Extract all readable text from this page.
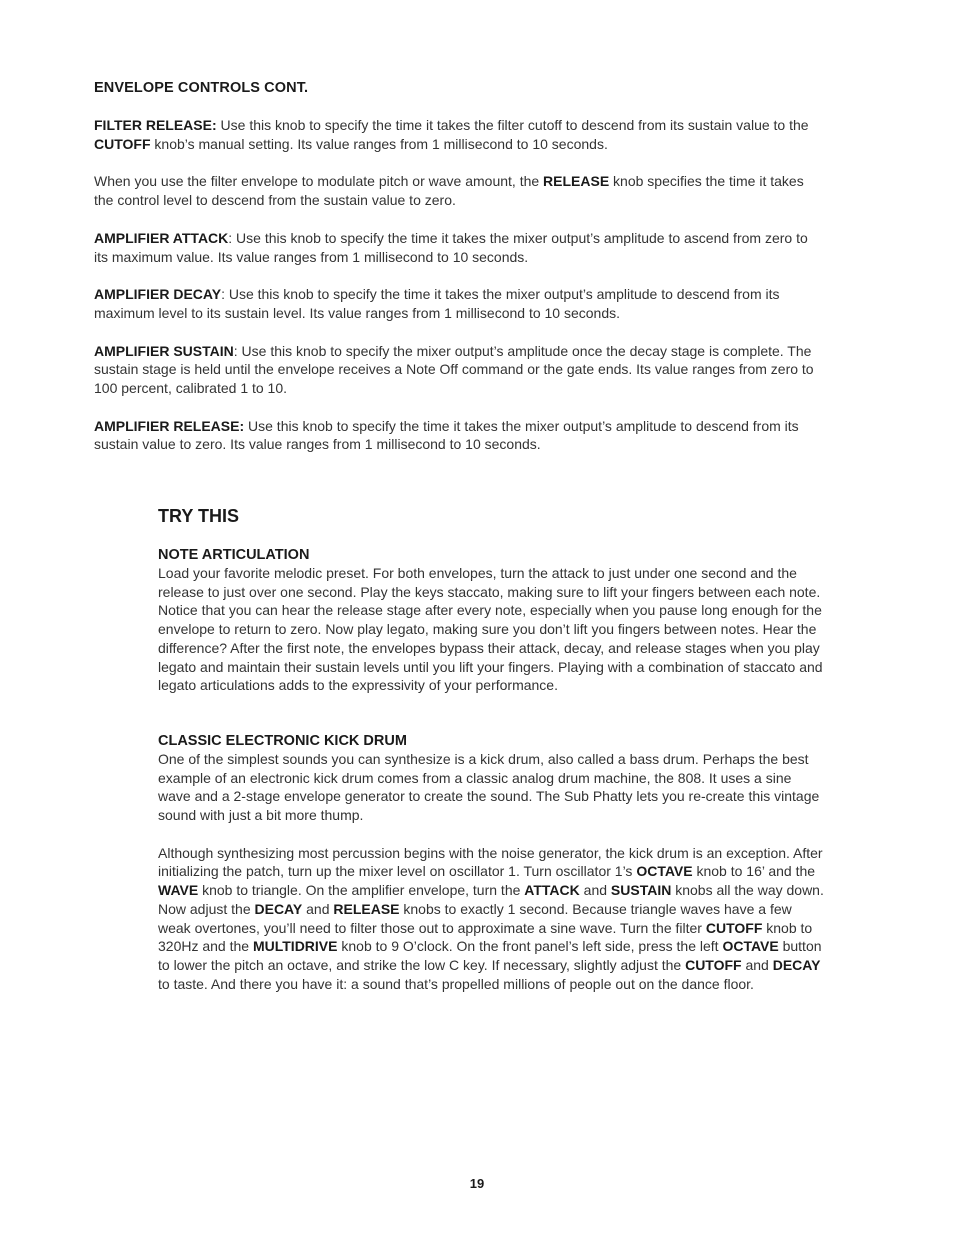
ENVELOPE CONTROLS CONT.

FILTER RELEASE: Use this knob to specify the time it takes the filter cutoff to descend from its sustain value to the CUTOFF knob’s manual setting. Its value ranges from 1 millisecond to 10 seconds.

When you use the filter envelope to modulate pitch or wave amount, the RELEASE knob specifies the time it takes the control level to descend from the sustain value to zero.

AMPLIFIER ATTACK: Use this knob to specify the time it takes the mixer output’s amplitude to ascend from zero to its maximum value. Its value ranges from 1 millisecond to 10 seconds.

AMPLIFIER DECAY: Use this knob to specify the time it takes the mixer output’s amplitude to descend from its maximum level to its sustain level. Its value ranges from 1 millisecond to 10 seconds.

AMPLIFIER SUSTAIN: Use this knob to specify the mixer output’s amplitude once the decay stage is complete. The sustain stage is held until the envelope receives a Note Off command or the gate ends. Its value ranges from zero to 100 percent, calibrated 1 to 10.

AMPLIFIER RELEASE: Use this knob to specify the time it takes the mixer output’s amplitude to descend from its sustain value to zero. Its value ranges from 1 millisecond to 10 seconds.

TRY THIS
NOTE ARTICULATION

Load your favorite melodic preset. For both envelopes, turn the attack to just under one second and the release to just over one second. Play the keys staccato, making sure to lift your fingers between each note. Notice that you can hear the release stage after every note, especially when you pause long enough for the envelope to return to zero. Now play legato, making sure you don’t lift you fingers between notes. Hear the difference? After the first note, the envelopes bypass their attack, decay, and release stages when you play legato and maintain their sustain levels until you lift your fingers. Playing with a combination of staccato and legato articulations adds to the expressivity of your performance.

CLASSIC ELECTRONIC KICK DRUM

One of the simplest sounds you can synthesize is a kick drum, also called a bass drum. Perhaps the best example of an electronic kick drum comes from a classic analog drum machine, the 808. It uses a sine wave and a 2-stage envelope generator to create the sound. The Sub Phatty lets you re-create this vintage sound with just a bit more thump.

Although synthesizing most percussion begins with the noise generator, the kick drum is an exception. After initializing the patch, turn up the mixer level on oscillator 1. Turn oscillator 1’s OCTAVE knob to 16’ and the WAVE knob to triangle. On the amplifier envelope, turn the ATTACK and SUSTAIN knobs all the way down. Now adjust the DECAY and RELEASE knobs to exactly 1 second. Because triangle waves have a few weak overtones, you’ll need to filter those out to approximate a sine wave. Turn the filter CUTOFF knob to 320Hz and the MULTIDRIVE knob to 9 O’clock. On the front panel’s left side, press the left OCTAVE button to lower the pitch an octave, and strike the low C key. If necessary, slightly adjust the CUTOFF and DECAY to taste. And there you have it: a sound that’s propelled millions of people out on the dance floor.

19
